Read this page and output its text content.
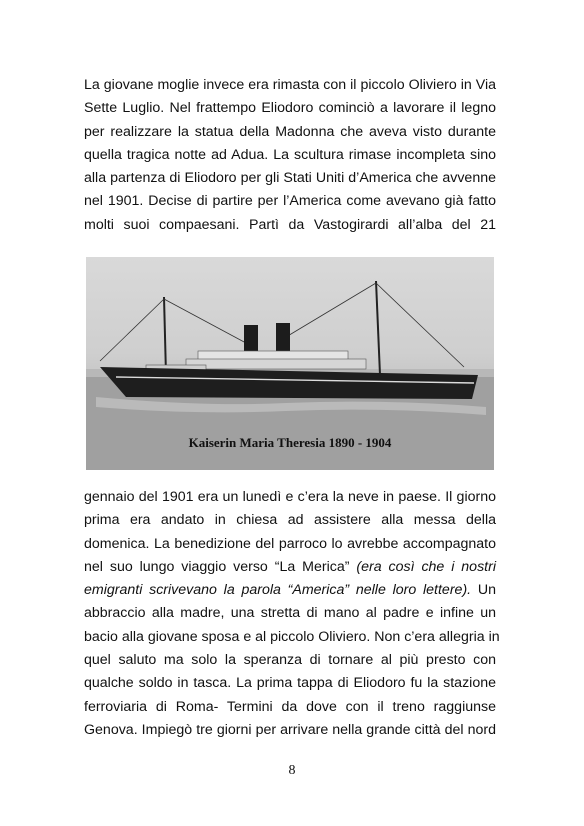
La giovane moglie invece era rimasta con il piccolo Oliviero in Via
Sette Luglio. Nel frattempo Eliodoro cominciò a lavorare il legno
per realizzare la statua della Madonna che aveva visto durante
quella tragica notte ad Adua. La scultura rimase incompleta sino
alla partenza di Eliodoro per gli Stati Uniti d’America che avvenne
nel 1901. Decise di partire per l’America come avevano già fatto
molti suoi compaesani. Partì da Vastogirardi all’alba del 21
Kaiserin Maria Theresia 1890 - 1904
gennaio del 1901 era un lunedì e c’era la neve in paese. Il giorno
prima era andato in chiesa ad assistere alla messa della
domenica. La benedizione del parroco lo avrebbe accompagnato
nel suo lungo viaggio verso “La Merica” (era così che i nostri
emigranti scrivevano la parola “America” nelle loro lettere). Un
abbraccio alla madre, una stretta di mano al padre e infine un
bacio alla giovane sposa e al piccolo Oliviero. Non c’era allegria in
quel saluto ma solo la speranza di tornare al più presto con
qualche soldo in tasca. La prima tappa di Eliodoro fu la stazione
ferroviaria di Roma- Termini da dove con il treno raggiunse
Genova. Impiegò tre giorni per arrivare nella grande città del nord
8
